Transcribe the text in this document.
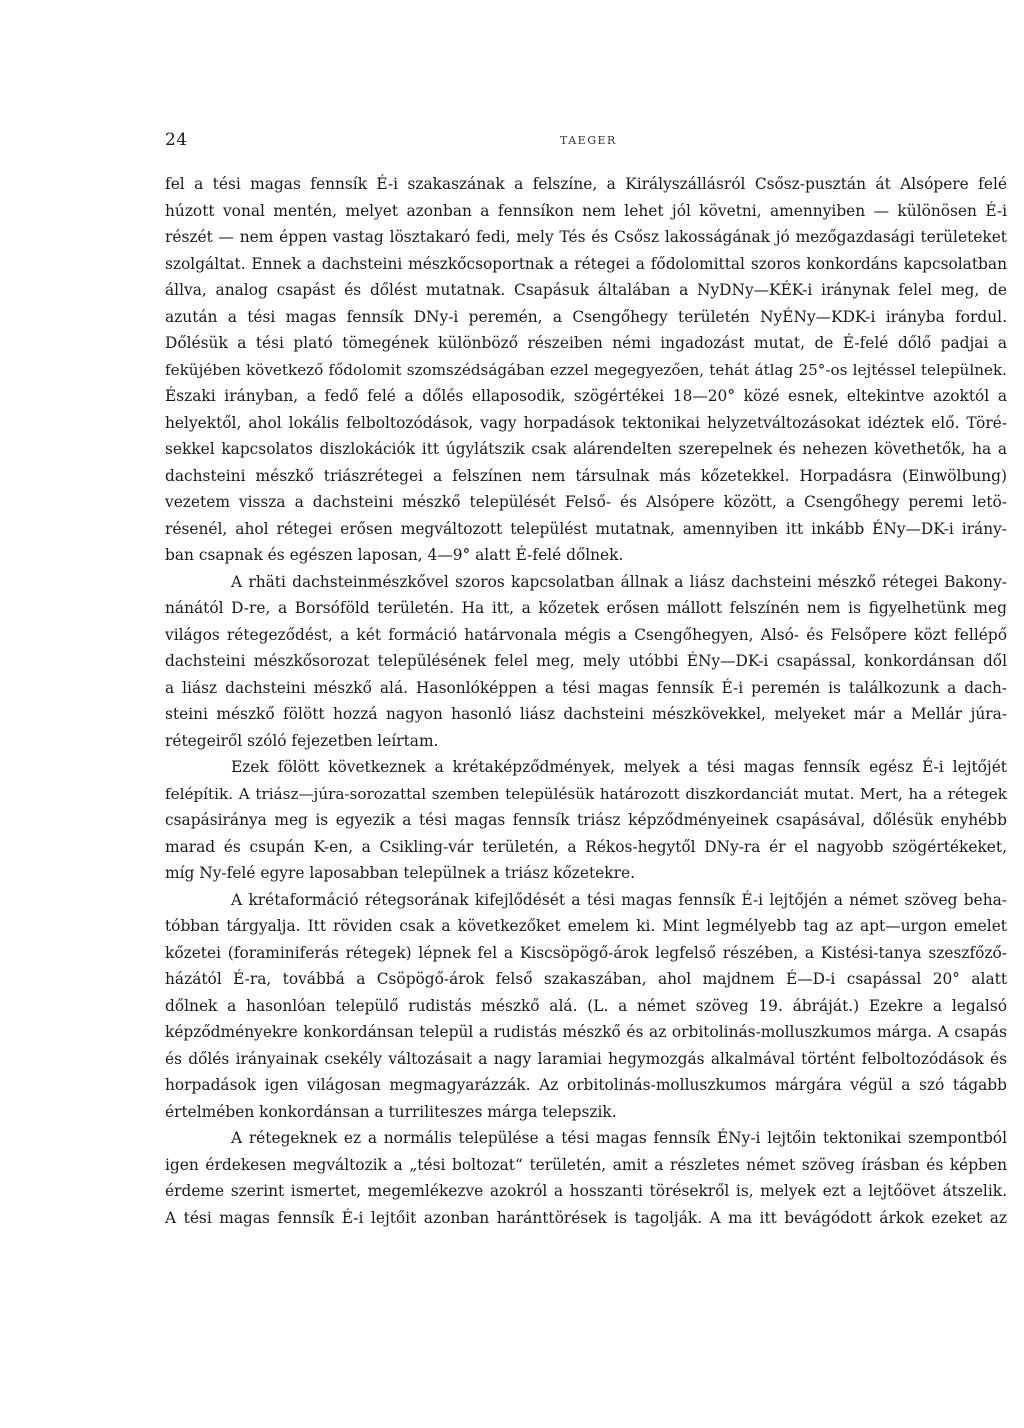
24	TAEGER
fel a tési magas fennsík É-i szakaszának a felszíne, a Királyszállásról Csősz-pusztán át Alsópere felé
húzott vonal mentén, melyet azonban a fennsíkon nem lehet jól követni, amennyiben — különösen É-i
részét — nem éppen vastag lösztakaró fedi, mely Tés és Csősz lakosságának jó mezőgazdasági területeket
szolgáltat. Ennek a dachsteini mészkőcsoportnak a rétegei a fődolomittal szoros konkordáns kapcsolatban
állva, analog csapást és dőlést mutatnak. Csapásuk általában a NyDNy—KÉK-i iránynak felel meg, de
azután a tési magas fennsík DNy-i peremén, a Csengőhegy területén NyÉNy—KDK-i irányba fordul.
Dőlésük a tési plató tömegének különböző részeiben némi ingadozást mutat, de É-felé dőlő padjai a
feküjében következő fődolomit szomszédságában ezzel megegyezően, tehát átlag 25°-os lejtéssel települnek.
Északi irányban, a fedő felé a dőlés ellaposodik, szögértékei 18—20° közé esnek, eltekintve azoktól a
helyektől, ahol lokális felboltozódások, vagy horpadások tektonikai helyzetváltozásokat idéztek elő. Töré-
sekkel kapcsolatos diszlokációk itt úgylátszik csak alárendelten szerepelnek és nehezen követhetők, ha a
dachsteini mészkő triászrétegei a felszínen nem társulnak más kőzetekkel. Horpadásra (Einwölbung)
vezetem vissza a dachsteini mészkő települését Felső- és Alsópere között, a Csengőhegy peremi letö-
résenél, ahol rétegei erősen megváltozott települést mutatnak, amennyiben itt inkább ÉNy—DK-i irány-
ban csapnak és egészen laposan, 4—9° alatt É-felé dőlnek.
A rhäti dachsteinmészkővel szoros kapcsolatban állnak a liász dachsteini mészkő rétegei Bakony-
nánától D-re, a Borsóföld területén. Ha itt, a kőzetek erősen mállott felszínén nem is figyelhetünk meg
világos rétegeződést, a két formáció határvonala mégis a Csengőhegyen, Alsó- és Felsőpere közt fellépő
dachsteini mészkősorozat településének felel meg, mely utóbbi ÉNy—DK-i csapással, konkordánsan dől
a liász dachsteini mészkő alá. Hasonlóképpen a tési magas fennsík É-i peremén is találkozunk a dach-
steini mészkő fölött hozzá nagyon hasonló liász dachsteini mészkövekkel, melyeket már a Mellár júra-
rétegeiről szóló fejezetben leírtam.
Ezek fölött következnek a krétaképződmények, melyek a tési magas fennsík egész É-i lejtőjét
felépítik. A triász—júra-sorozattal szemben településük határozott diszkordanciát mutat. Mert, ha a rétegek
csapásiránya meg is egyezik a tési magas fennsík triász képződményeinek csapásával, dőlésük enyhébb
marad és csupán K-en, a Csikling-vár területén, a Rékos-hegytől DNy-ra ér el nagyobb szögértékeket,
míg Ny-felé egyre laposabban települnek a triász kőzetekre.
A krétaformáció rétegsorának kifejlődését a tési magas fennsík É-i lejtőjén a német szöveg beha-
tóbban tárgyalja. Itt röviden csak a következőket emelem ki. Mint legmélyebb tag az apt—urgon emelet
kőzetei (foraminiferás rétegek) lépnek fel a Kiscsöpögő-árok legfelső részében, a Kistési-tanya szeszfőző-
házától É-ra, továbbá a Csöpögő-árok felső szakaszában, ahol majdnem É—D-i csapással 20° alatt
dőlnek a hasonlóan települő rudistás mészkő alá. (L. a német szöveg 19. ábráját.) Ezekre a legalsó
képződményekre konkordánsan települ a rudistás mészkő és az orbitolinás-molluszkumos márga. A csapás
és dőlés irányainak csekély változásait a nagy laramiai hegymozgás alkalmával történt felboltozódások és
horpadások igen világosan megmagyarázzák. Az orbitolinás-molluszkumos márgára végül a szó tágabb
értelmében konkordánsan a turriliteszes márga telepszik.
A rétegeknek ez a normális települése a tési magas fennsík ÉNy-i lejtőin tektonikai szempontból
igen érdekesen megváltozik a „tési boltozat“ területén, amit a részletes német szöveg írásban és képben
érdeme szerint ismertet, megemlékezve azokról a hosszanti törésekről is, melyek ezt a lejtőövet átszelik.
A tési magas fennsík É-i lejtőit azonban haránttörések is tagolják. A ma itt bevágódott árkok ezeket az
